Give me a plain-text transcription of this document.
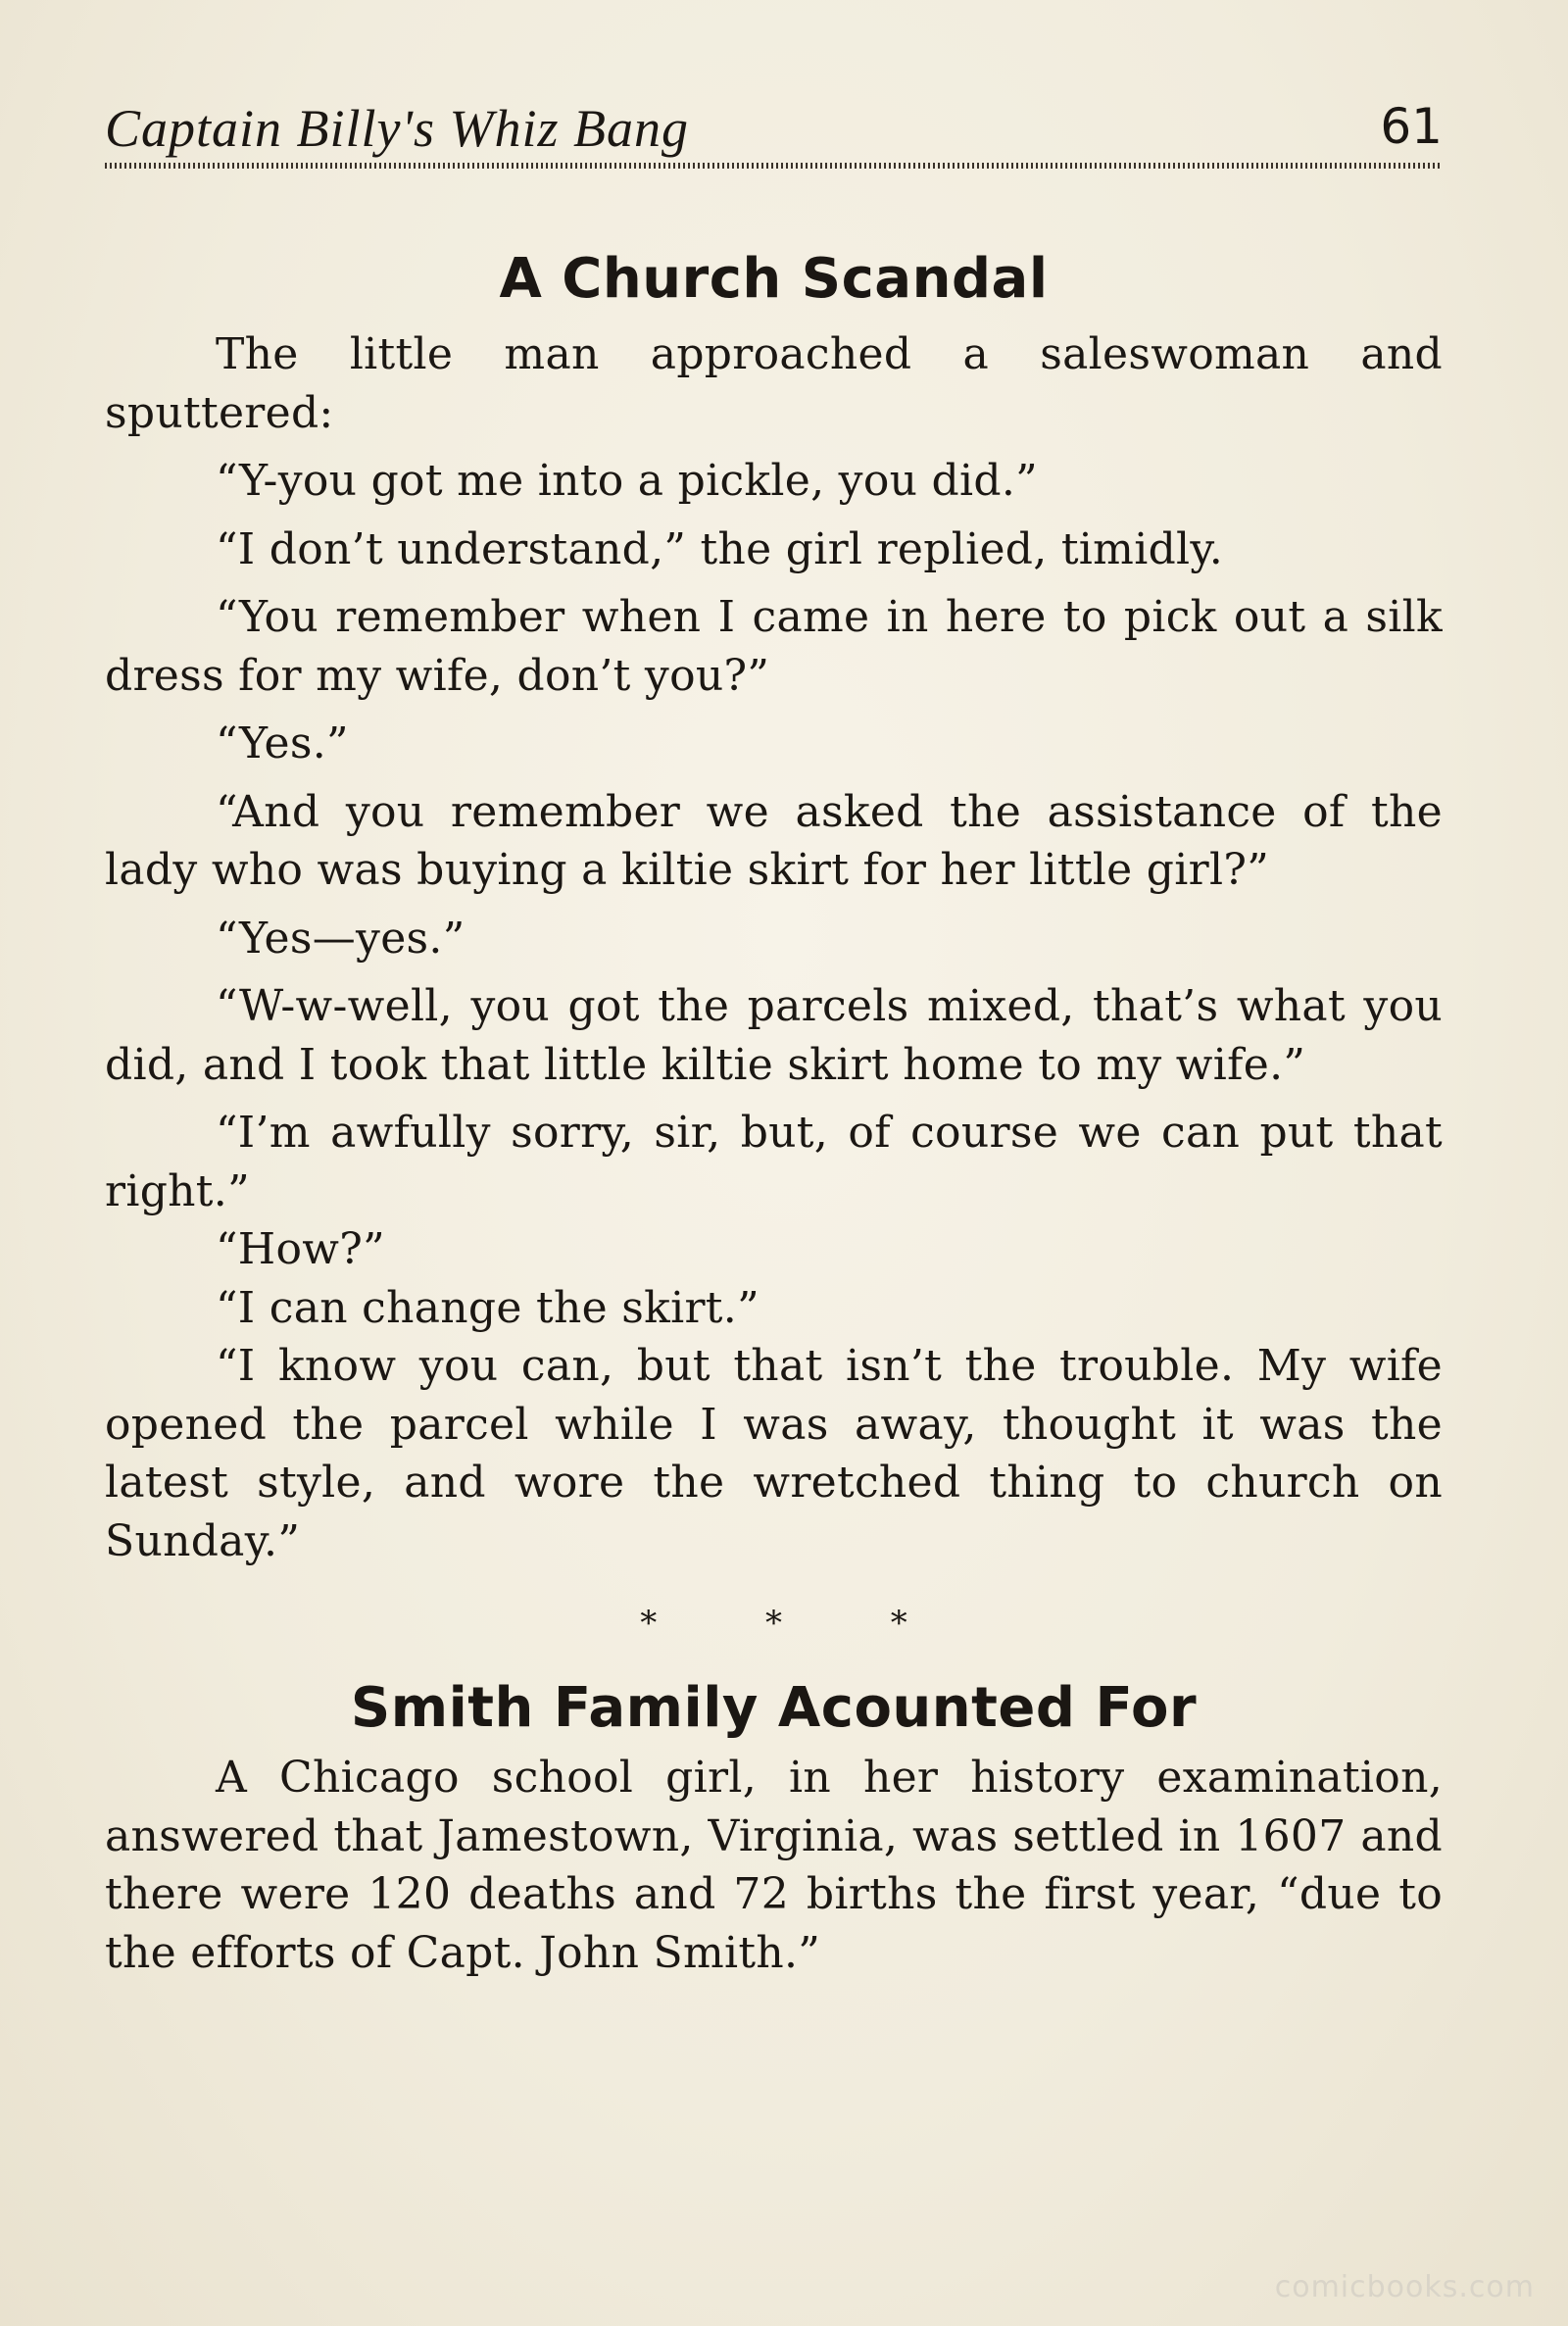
Captain Billy's Whiz Bang	61
A Church Scandal

The little man approached a saleswoman and sputtered:

“Y-you got me into a pickle, you did.”

“I don’t understand,” the girl replied, timidly.

“You remember when I came in here to pick out a silk dress for my wife, don’t you?”

“Yes.”

“And you remember we asked the assistance of the lady who was buying a kiltie skirt for her little girl?”

“Yes—yes.”

“W-w-well, you got the parcels mixed, that’s what you did, and I took that little kiltie skirt home to my wife.”

“I’m awfully sorry, sir, but, of course we can put that right.”

“How?”

“I can change the skirt.”

“I know you can, but that isn’t the trouble. My wife opened the parcel while I was away, thought it was the latest style, and wore the wretched thing to church on Sunday.”

* * *
Smith Family Acounted For

A Chicago school girl, in her history examination, answered that Jamestown, Virginia, was settled in 1607 and there were 120 deaths and 72 births the first year, “due to the efforts of Capt. John Smith.”

comicbooks.com
